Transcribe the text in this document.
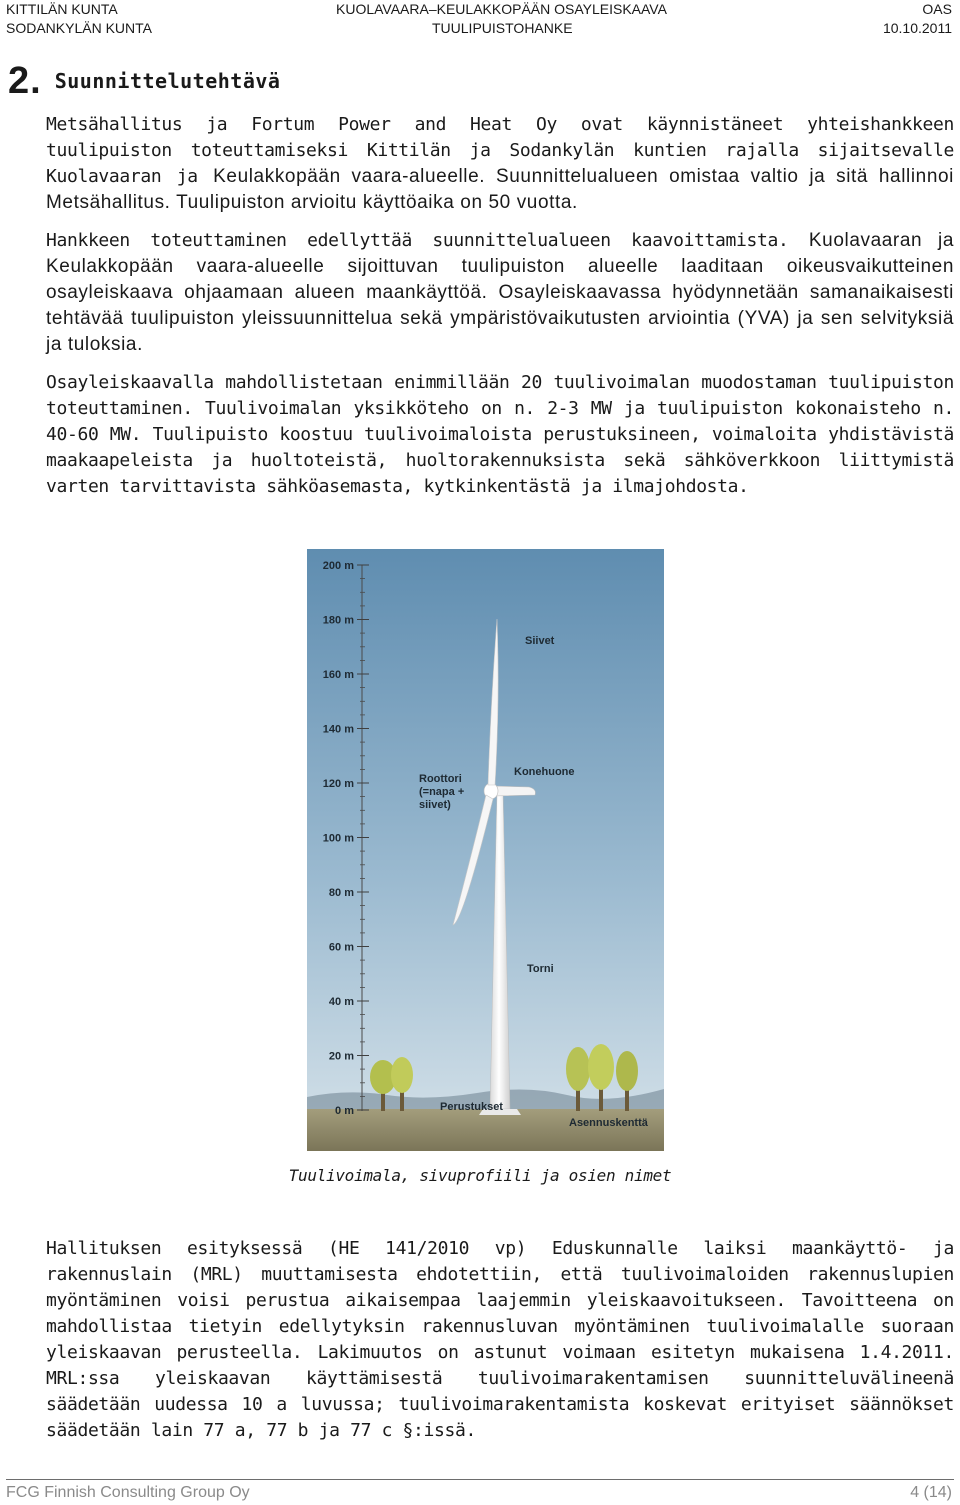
KITTILÄN KUNTA
SODANKYLÄN KUNTA
KUOLAVAARA–KEULAKKOPÄÄN OSAYLEISKAAVA
TUULIPUISTOHANKE
OAS
10.10.2011
2 . Suunnittelutehtävä

Metsähallitus ja Fortum Power and Heat Oy ovat käynnistäneet yhteishankkeen tuulipuiston toteuttamiseksi Kittilän ja Sodankylän kuntien rajalla sijaitsevalle Kuolavaaran ja Keulakkopään vaara-alueelle. Suunnittelualueen omistaa valtio ja sitä hallinnoi Metsähallitus. Tuulipuiston arvioitu käyttöaika on 50 vuotta.

Hankkeen toteuttaminen edellyttää suunnittelualueen kaavoittamista. Kuolavaaran ja Keulakkopään vaara-alueelle sijoittuvan tuulipuiston alueelle laaditaan oikeusvaikutteinen osayleiskaava ohjaamaan alueen maankäyttöä. Osayleiskaavassa hyödynnetään samanaikaisesti tehtävää tuulipuiston yleissuunnittelua sekä ympäristövaikutusten arviointia (YVA) ja sen selvityksiä ja tuloksia.

Osayleiskaavalla mahdollistetaan enimmillään 20 tuulivoimalan muodostaman tuulipuiston toteuttaminen. Tuulivoimalan yksikköteho on n. 2-3 MW ja tuulipuiston kokonaisteho n. 40-60 MW. Tuulipuisto koostuu tuulivoimaloista perustuksineen, voimaloita yhdistävistä maakaapeleista ja huoltoteistä, huoltorakennuksista sekä sähköverkkoon liittymistä varten tarvittavista sähköasemasta, kytkinkentästä ja ilmajohdosta.

200 m
180 m
160 m
140 m
120 m
100 m
80 m
60 m
40 m
20 m
0 m
Siivet
Konehuone
Roottori
(=napa +
siivet)
Torni
Perustukset
Asennuskenttä
Tuulivoimala, sivuprofiili ja osien nimet

Hallituksen esityksessä (HE 141/2010 vp) Eduskunnalle laiksi maankäyttö- ja rakennuslain (MRL) muuttamisesta ehdotettiin, että tuulivoimaloiden rakennuslupien myöntäminen voisi perustua aikaisempaa laajemmin yleiskaavoitukseen. Tavoitteena on mahdollistaa tietyin edellytyksin rakennusluvan myöntäminen tuulivoimalalle suoraan yleiskaavan perusteella. Lakimuutos on astunut voimaan esitetyn mukaisena 1.4.2011. MRL:ssa yleiskaavan käyttämisestä tuulivoimarakentamisen suunnitteluvälineenä säädetään uudessa 10 a luvussa; tuulivoimarakentamista koskevat erityiset säännökset säädetään lain 77 a, 77 b ja 77 c §:issä.

FCG Finnish Consulting Group Oy	4 (14)
